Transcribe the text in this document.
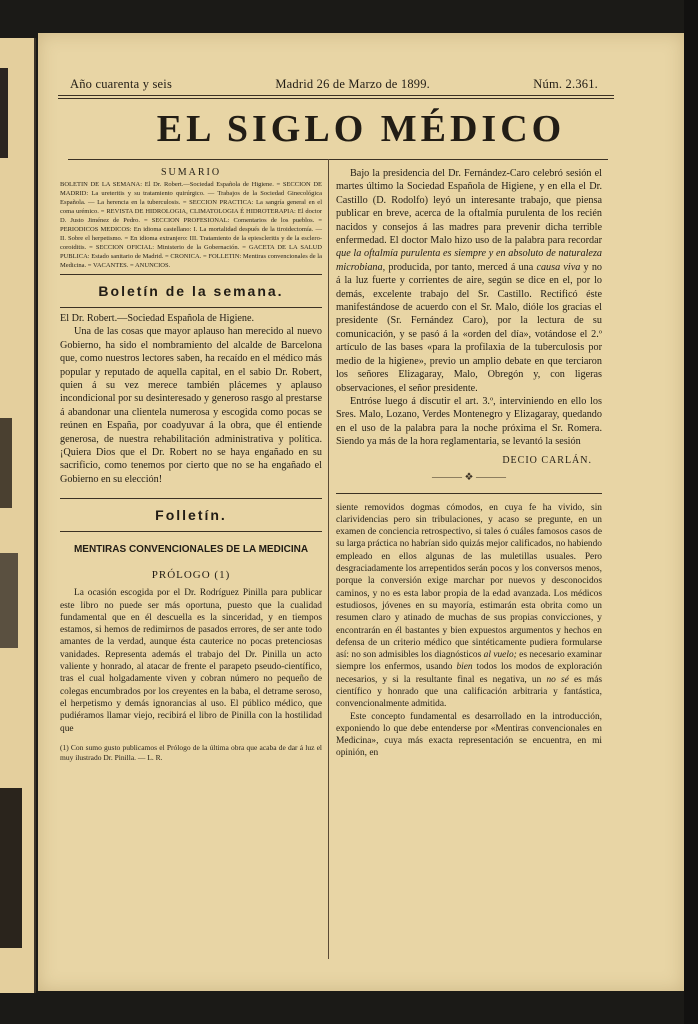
Año cuarenta y seis	Madrid 26 de Marzo de 1899.	Núm. 2.361.
EL SIGLO MÉDICO
SUMARIO

BOLETIN DE LA SEMANA: El Dr. Robert.—Sociedad Española de Higiene. = SECCION DE MADRID: La ureteritis y su tratamiento quirúrgico. — Trabajos de la Sociedad Ginecológica Española. — La herencia en la tuberculosis. = SECCION PRACTICA: La sangría general en el coma urémico. = REVISTA DE HIDROLOGIA, CLIMATOLOGIA É HIDROTERAPIA: El doctor D. Justo Jiménez de Pedro. = SECCION PROFESIONAL: Comentarios de los pueblos. = PERIODICOS MEDICOS: En idioma castellano: I. La mortalidad después de la tiroidectomía. — II. Sobre el herpetismo. = En idioma extranjero: III. Tratamiento de la epiescleritis y de la esclero-coroiditis. = SECCION OFICIAL: Ministerio de la Gobernación. = GACETA DE LA SALUD PUBLICA: Estado sanitario de Madrid. = CRONICA. = FOLLETIN: Mentiras convencionales de la Medicina. = VACANTES. = ANUNCIOS.

Boletín de la semana.

El Dr. Robert.—Sociedad Española de Higiene.

Una de las cosas que mayor aplauso han merecido al nuevo Gobierno, ha sido el nombramiento del alcalde de Barcelona que, como nuestros lectores saben, ha recaído en el médico más popular y reputado de aquella capital, en el sabio Dr. Robert, quien á su vez merece también plácemes y aplauso incondicional por su desinteresado y generoso rasgo al prestarse á abandonar una clientela numerosa y escogida como pocas se reúnen en España, por coadyuvar á la obra, que él entiende generosa, de nuestra rehabilitación administrativa y política. ¡Quiera Dios que el Dr. Robert no se haya engañado en su sacrificio, como tenemos por cierto que no se ha engañado el Gobierno en su elección!

Folletín.
MENTIRAS CONVENCIONALES DE LA MEDICINA
PRÓLOGO (1)

La ocasión escogida por el Dr. Rodríguez Pinilla para publicar este libro no puede ser más oportuna, puesto que la cualidad fundamental que en él descuella es la sinceridad, y en tiempos estamos, si hemos de redimirnos de pasados errores, de ser ante todo amantes de la verdad, aunque ésta cauterice no pocas pretenciosas vanidades. Representa además el trabajo del Dr. Pinilla un acto valiente y honrado, al atacar de frente el parapeto pseudo-científico, tras el cual holgadamente viven y cobran número no pequeño de colegas encumbrados por los creyentes en la baba, el detrame seroso, el herpetismo y demás ignorancias al uso. El público médico, que pudiéramos llamar viejo, recibirá el libro de Pinilla con la hostilidad que

(1) Con sumo gusto publicamos el Prólogo de la última obra que acaba de dar á luz el muy ilustrado Dr. Pinilla. — L. R.

Bajo la presidencia del Dr. Fernández-Caro celebró sesión el martes último la Sociedad Española de Higiene, y en ella el Dr. Castillo (D. Rodolfo) leyó un interesante trabajo, que piensa publicar en breve, acerca de la oftalmía purulenta de los recién nacidos y consejos á las madres para prevenir dicha terrible enfermedad. El doctor Malo hizo uso de la palabra para recordar que la oftalmía purulenta es siempre y en absoluto de naturaleza microbiana, producida, por tanto, merced á una causa viva y no á la luz fuerte y corrientes de aire, según se dice en el, por lo demás, excelente trabajo del Sr. Castillo. Rectificó éste manifestándose de acuerdo con el Sr. Malo, dióle los gracias el presidente (Sr. Fernández Caro), por la lectura de su comunicación, y se pasó á la «orden del día», votándose el 2.º artículo de las bases «para la profilaxia de la tuberculosis por medio de la higiene», previo un amplio debate en que terciaron los señores Elizagaray, Malo, Obregón y, con ligeras observaciones, el señor presidente.

Entróse luego á discutir el art. 3.º, interviniendo en ello los Sres. Malo, Lozano, Verdes Montenegro y Elizagaray, quedando en el uso de la palabra para la noche próxima el Sr. Romera. Siendo ya más de la hora reglamentaria, se levantó la sesión

DECIO CARLÁN.
——— ❖ ———

siente removidos dogmas cómodos, en cuya fe ha vivido, sin clarividencias pero sin tribulaciones, y acaso se pregunte, en un examen de conciencia retrospectivo, si tales ó cuáles famosos casos de su larga práctica no habrían sido quizás mejor calificados, no habiendo empleado en ellos algunas de las muletillas usuales. Pero desgraciadamente los arrepentidos serán pocos y los conversos menos, porque la conversión exige marchar por nuevos y desconocidos caminos, y no es esta labor propia de la edad avanzada. Los médicos estudiosos, jóvenes en su mayoría, estimarán esta obrita como un resumen claro y atinado de muchas de sus propias convicciones, y encontrarán en él bastantes y bien expuestos argumentos y hechos en defensa de un criterio médico que sintéticamente pudiera formularse así: no son admisibles los diagnósticos al vuelo; es necesario examinar siempre los enfermos, usando bien todos los modos de exploración necesarios, y si la resultante final es negativa, un no sé es más científico y honrado que una calificación arbitraria y fantástica, convencionalmente admitida.

Este concepto fundamental es desarrollado en la introducción, exponiendo lo que debe entenderse por «Mentiras convencionales en Medicina», cuya más exacta representación se encuentra, en mi opinión, en
